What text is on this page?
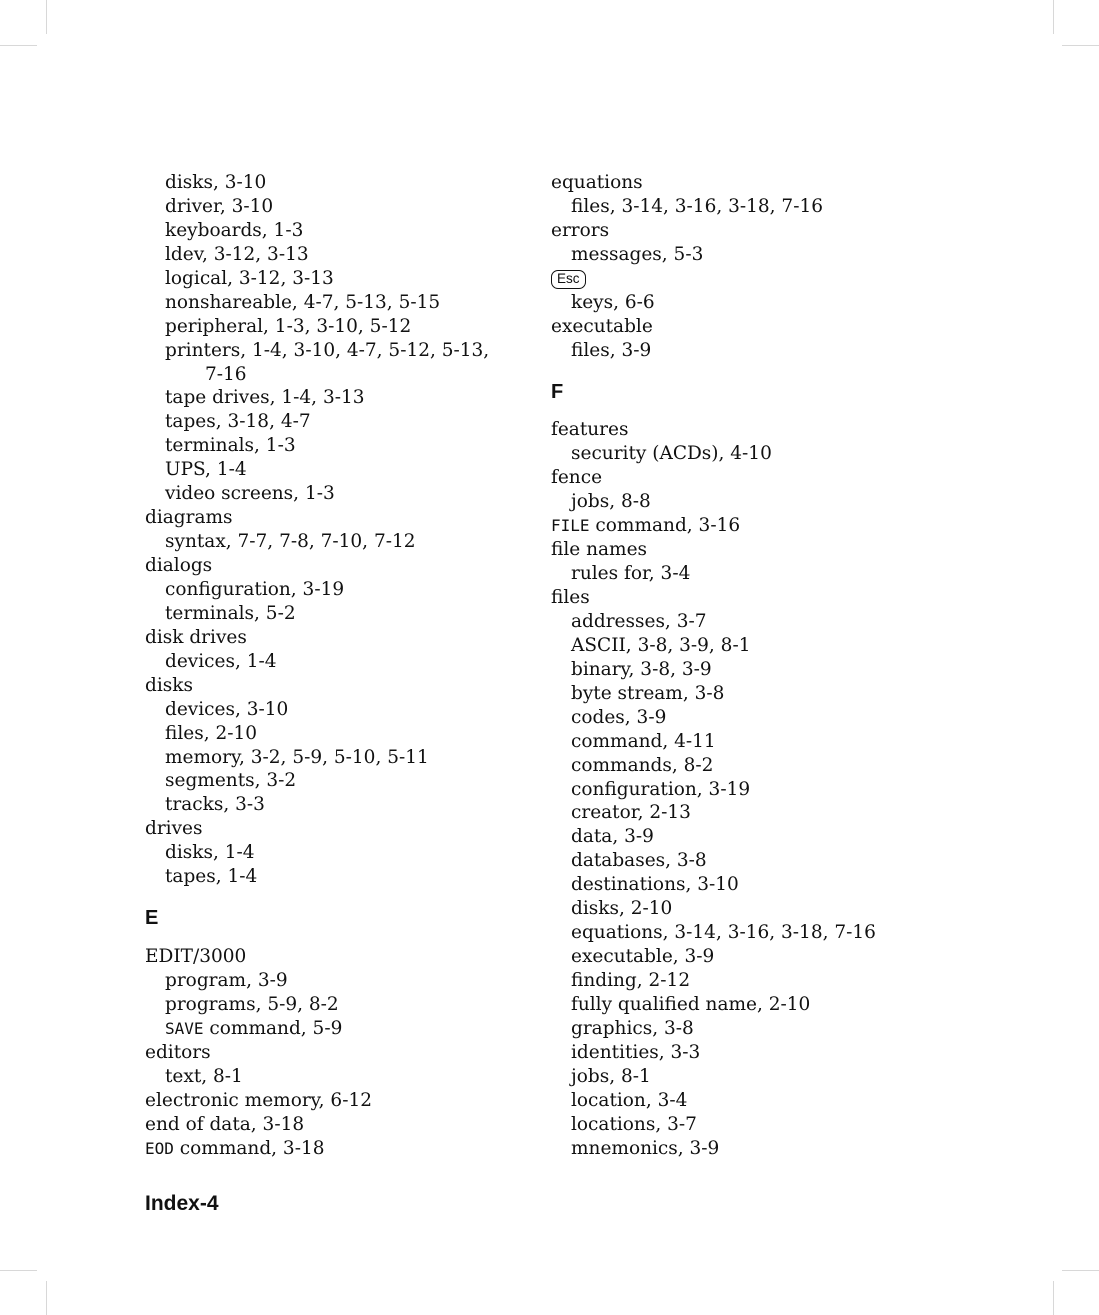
disks, 3-10
driver, 3-10
keyboards, 1-3
ldev, 3-12, 3-13
logical, 3-12, 3-13
nonshareable, 4-7, 5-13, 5-15
peripheral, 1-3, 3-10, 5-12
printers, 1-4, 3-10, 4-7, 5-12, 5-13,
7-16
tape drives, 1-4, 3-13
tapes, 3-18, 4-7
terminals, 1-3
UPS, 1-4
video screens, 1-3
diagrams
syntax, 7-7, 7-8, 7-10, 7-12
dialogs
configuration, 3-19
terminals, 5-2
disk drives
devices, 1-4
disks
devices, 3-10
files, 2-10
memory, 3-2, 5-9, 5-10, 5-11
segments, 3-2
tracks, 3-3
drives
disks, 1-4
tapes, 1-4
E
EDIT/3000
program, 3-9
programs, 5-9, 8-2
SAVE command, 5-9
editors
text, 8-1
electronic memory, 6-12
end of data, 3-18
EOD command, 3-18
equations
files, 3-14, 3-16, 3-18, 7-16
errors
messages, 5-3
Esc
keys, 6-6
executable
files, 3-9
F
features
security (ACDs), 4-10
fence
jobs, 8-8
FILE command, 3-16
file names
rules for, 3-4
files
addresses, 3-7
ASCII, 3-8, 3-9, 8-1
binary, 3-8, 3-9
byte stream, 3-8
codes, 3-9
command, 4-11
commands, 8-2
configuration, 3-19
creator, 2-13
data, 3-9
databases, 3-8
destinations, 3-10
disks, 2-10
equations, 3-14, 3-16, 3-18, 7-16
executable, 3-9
finding, 2-12
fully qualified name, 2-10
graphics, 3-8
identities, 3-3
jobs, 8-1
location, 3-4
locations, 3-7
mnemonics, 3-9
Index-4
